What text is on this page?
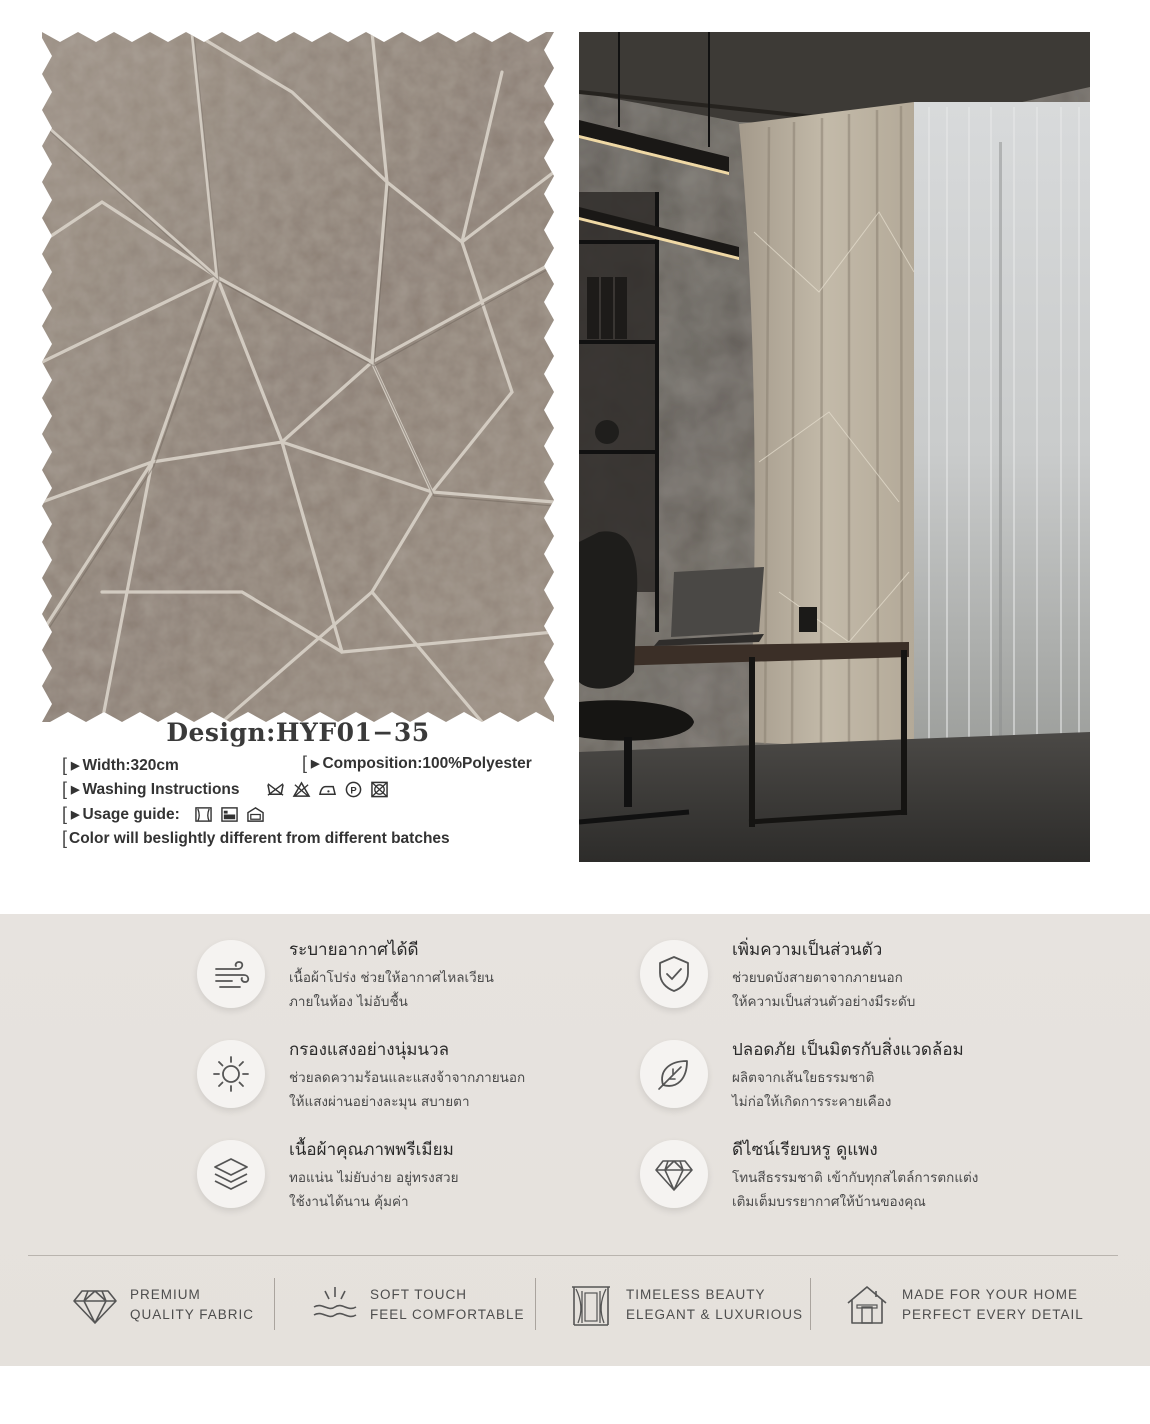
Design:HYF01−35
[ ▶ Width:320cm	[ ▶ Composition:100%Polyester
[ ▶ Washing Instructions	P
[ ▶ Usage guide:
[ Color will beslightly different from different batches
ระบายอากาศได้ดี
เนื้อผ้าโปร่ง ช่วยให้อากาศไหลเวียน
ภายในห้อง ไม่อับชื้น
เพิ่มความเป็นส่วนตัว
ช่วยบดบังสายตาจากภายนอก
ให้ความเป็นส่วนตัวอย่างมีระดับ
กรองแสงอย่างนุ่มนวล
ช่วยลดความร้อนและแสงจ้าจากภายนอก
ให้แสงผ่านอย่างละมุน สบายตา
ปลอดภัย เป็นมิตรกับสิ่งแวดล้อม
ผลิตจากเส้นใยธรรมชาติ
ไม่ก่อให้เกิดการระคายเคือง
เนื้อผ้าคุณภาพพรีเมียม
ทอแน่น ไม่ยับง่าย อยู่ทรงสวย
ใช้งานได้นาน คุ้มค่า
ดีไซน์เรียบหรู ดูแพง
โทนสีธรรมชาติ เข้ากับทุกสไตล์การตกแต่ง
เติมเต็มบรรยากาศให้บ้านของคุณ
PREMIUM
QUALITY FABRIC
SOFT TOUCH
FEEL COMFORTABLE
TIMELESS BEAUTY
ELEGANT & LUXURIOUS
MADE FOR YOUR HOME
PERFECT EVERY DETAIL
